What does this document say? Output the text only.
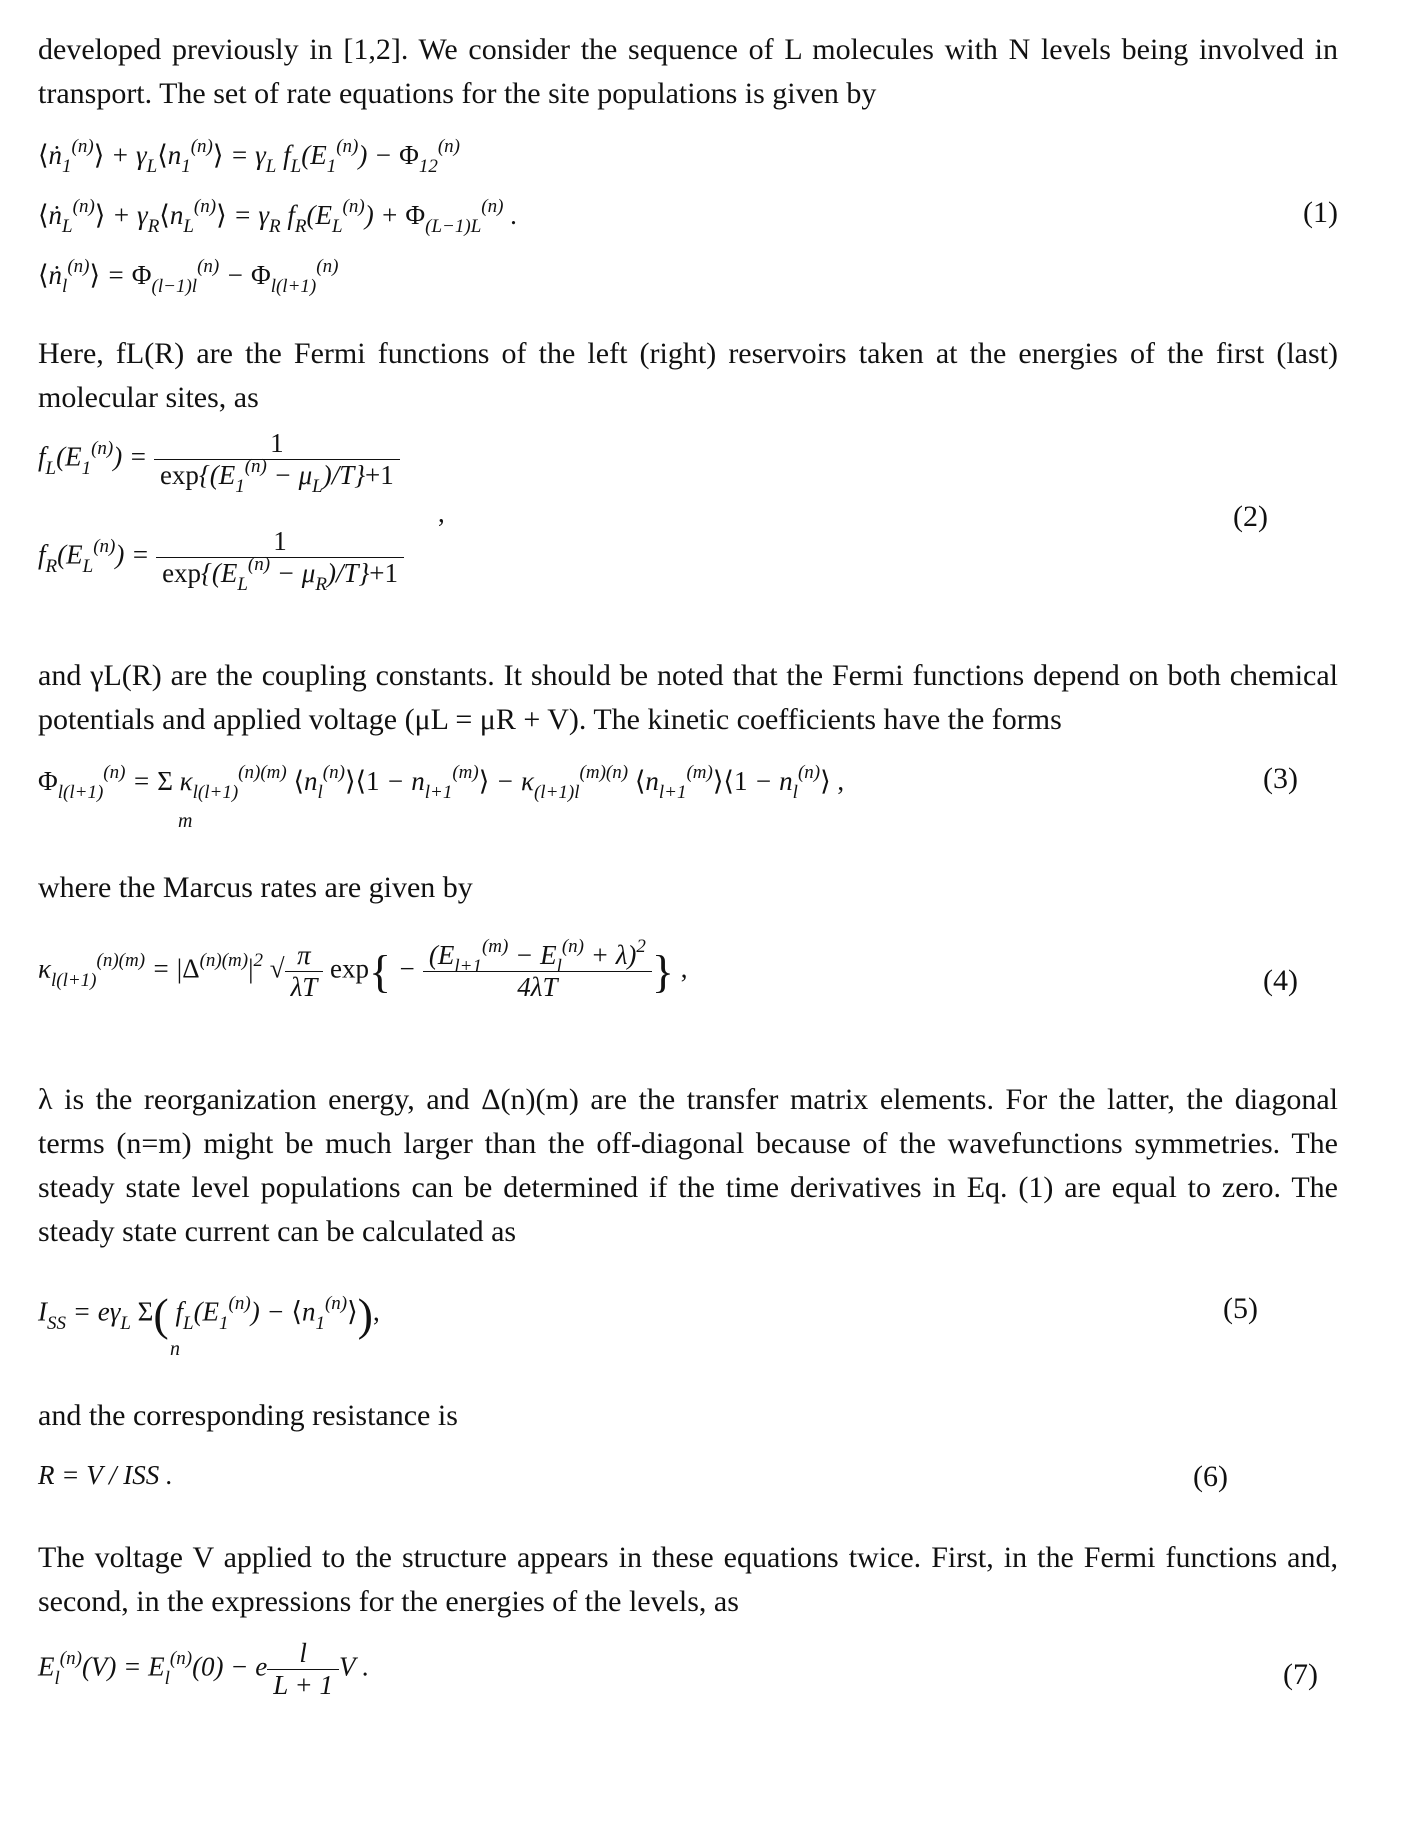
developed previously in [1,2]. We consider the sequence of L molecules with N levels being involved in transport. The set of rate equations for the site populations is given by

⟨ṅ$_1^{(n)}$⟩ + $\gamma_L⟨n_1^{(n)}⟩ = \gamma_L$ $f_L(E_1^{(n)}) - \Phi_{12}^{(n)}$
⟨ṅ$_L^{(n)}$⟩ + $\gamma_R⟨n_L^{(n)}⟩ = \gamma_R$ $f_R(E_L^{(n)}) + \Phi_{(L-1)L}^{(n)}$ .
⟨ṅ$_l^{(n)}$⟩ = $\Phi_{(l-1)l}^{(n)} - \Phi_{l(l+1)}^{(n)}$
(1)

Here, fL(R) are the Fermi functions of the left (right) reservoirs taken at the energies of the first (last) molecular sites, as

$f_L(E_1^{(n)}) = \frac{1}{\exp\{(E_1^{(n)} - \mu_L)/T\}+1}$
$f_R(E_L^{(n)}) = \frac{1}{\exp\{(E_L^{(n)} - \mu_R)/T\}+1}$
,	(2)

and γL(R) are the coupling constants. It should be noted that the Fermi functions depend on both chemical potentials and applied voltage (μL = μR + V). The kinetic coefficients have the forms

$\Phi_{l(l+1)}^{(n)} = \Sigma$ $\kappa_{l(l+1)}^{(n)(m)}$ $⟨n_l^{(n)}⟩⟨1$ − $n_{l+1}^{(m)}⟩ - \kappa_{(l+1)l}^{(m)(n)}$ $⟨n_{l+1}^{(m)}⟩⟨1$ − $n_l^{(n)}⟩$ ,
m
(3)

where the Marcus rates are given by

$\kappa_{l(l+1)}^{(n)(m)} = |\Delta^{(n)(m)}|^2$ √ $\frac{\pi}{\lambda T} \exp\{ - \frac{(E_{l+1}^{(m)} - E_l^{(n)} + \lambda)^2}{4\lambda T}$ } ,	(4)

λ is the reorganization energy, and Δ(n)(m) are the transfer matrix elements. For the latter, the diagonal terms (n=m) might be much larger than the off-diagonal because of the wavefunctions symmetries. The steady state level populations can be determined if the time derivatives in Eq. (1) are equal to zero. The steady state current can be calculated as

$I_{SS} = e\gamma_L$ Σ( $f_L(E_1^{(n)})$ − $⟨n_1^{(n)}⟩$),
n
(5)

and the corresponding resistance is

R = V / ISS .	(6)

The voltage V applied to the structure appears in these equations twice. First, in the Fermi functions and, second, in the expressions for the energies of the levels, as

$E_l^{(n)}(V) = E_l^{(n)}(0) - e \frac{l}{L + 1}$ V .	(7)
